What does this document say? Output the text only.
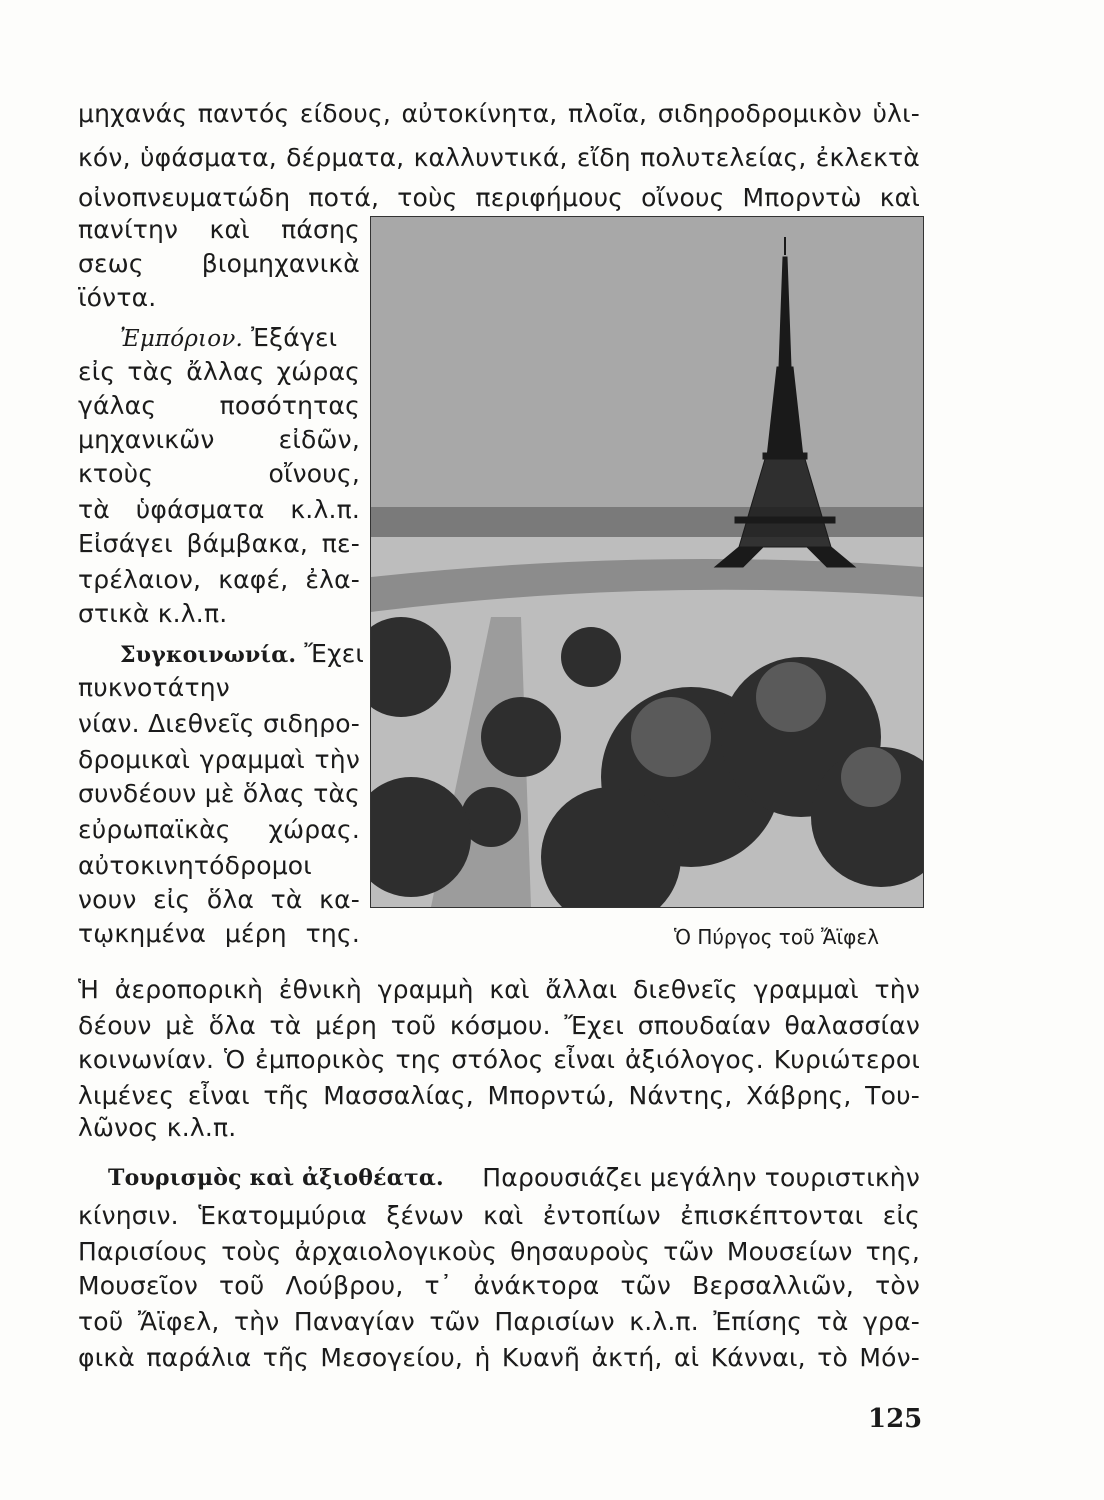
μηχανάς παντός είδους, αὐτοκίνητα, πλοῖα, σιδηροδρομικὸν ὑλι-
κόν, ὑφάσματα, δέρματα, καλλυντικά, εἴδη πολυτελείας, ἐκλεκτὰ
οἰνοπνευματώδη ποτά, τοὺς περιφήμους οἴνους Μπορντὼ καὶ
πανίτην καὶ πάσης
σεως βιομηχανικὰ
ϊόντα.
Ἐμπόριον. Ἐξάγει
εἰς τὰς ἄλλας χώρας
γάλας ποσότητας
μηχανικῶν εἰδῶν,
κτοὺς οἴνους,
τὰ ὑφάσματα κ.λ.π.
Εἰσάγει βάμβακα, πε-
τρέλαιον, καφέ, ἐλα-
στικὰ κ.λ.π.
Συγκοινωνία. Ἔχει
πυκνοτάτην
νίαν. Διεθνεῖς σιδηρο-
δρομικαὶ γραμμαὶ τὴν
συνδέουν μὲ ὅλας τὰς
εὐρωπαϊκὰς χώρας.
αὐτοκινητόδρομοι
νουν εἰς ὅλα τὰ κα-
τῳκημένα μέρη της.	Ὁ Πύργος τοῦ Ἄϊφελ
Ἡ ἀεροπορικὴ ἐθνικὴ γραμμὴ καὶ ἄλλαι διεθνεῖς γραμμαὶ τὴν
δέουν μὲ ὅλα τὰ μέρη τοῦ κόσμου. Ἔχει σπουδαίαν θαλασσίαν
κοινωνίαν. Ὁ ἐμπορικὸς της στόλος εἶναι ἀξιόλογος. Κυριώτεροι
λιμένες εἶναι τῆς Μασσαλίας, Μπορντώ, Νάντης, Χάβρης, Του-
λῶνος κ.λ.π.
Τουρισμὸς καὶ ἀξιοθέατα. Παρουσιάζει μεγάλην τουριστικὴν
κίνησιν. Ἑκατομμύρια ξένων καὶ ἐντοπίων ἐπισκέπτονται εἰς
Παρισίους τοὺς ἀρχαιολογικοὺς θησαυροὺς τῶν Μουσείων της,
Μουσεῖον τοῦ Λούβρου, τ᾿ ἀνάκτορα τῶν Βερσαλλιῶν, τὸν
τοῦ Ἄϊφελ, τὴν Παναγίαν τῶν Παρισίων κ.λ.π. Ἐπίσης τὰ γρα-
φικὰ παράλια τῆς Μεσογείου, ἡ Κυανῆ ἀκτή, αἱ Κάνναι, τὸ Μόν-
125
